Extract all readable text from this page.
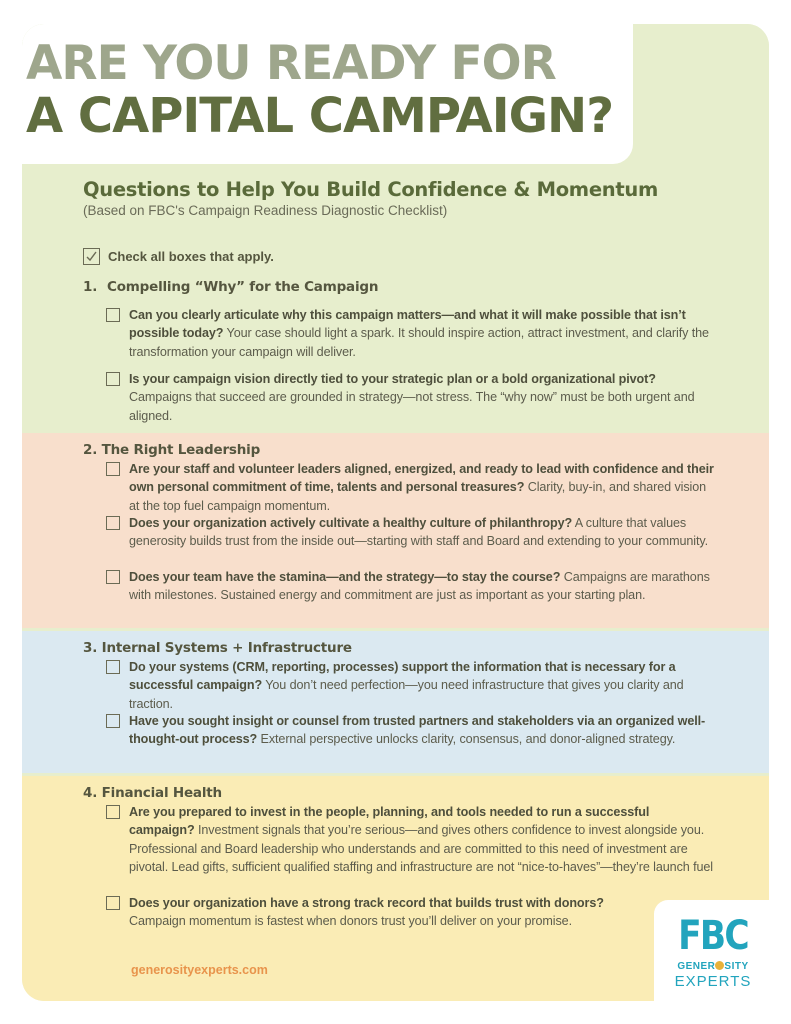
ARE YOU READY FOR
A CAPITAL CAMPAIGN?
Questions to Help You Build Confidence & Momentum
(Based on FBC's Campaign Readiness Diagnostic Checklist)
Check all boxes that apply.
1. Compelling “Why” for the Campaign
Can you clearly articulate why this campaign matters—and what it will make possible that isn’t possible today? Your case should light a spark. It should inspire action, attract investment, and clarify the transformation your campaign will deliver.
Is your campaign vision directly tied to your strategic plan or a bold organizational pivot? Campaigns that succeed are grounded in strategy—not stress. The “why now” must be both urgent and aligned.
2. The Right Leadership
Are your staff and volunteer leaders aligned, energized, and ready to lead with confidence and their own personal commitment of time, talents and personal treasures? Clarity, buy-in, and shared vision at the top fuel campaign momentum.
Does your organization actively cultivate a healthy culture of philanthropy? A culture that values generosity builds trust from the inside out—starting with staff and Board and extending to your community.
Does your team have the stamina—and the strategy—to stay the course? Campaigns are marathons with milestones. Sustained energy and commitment are just as important as your starting plan.
3. Internal Systems + Infrastructure
Do your systems (CRM, reporting, processes) support the information that is necessary for a successful campaign? You don’t need perfection—you need infrastructure that gives you clarity and traction.
Have you sought insight or counsel from trusted partners and stakeholders via an organized well-thought-out process? External perspective unlocks clarity, consensus, and donor-aligned strategy.
4. Financial Health
Are you prepared to invest in the people, planning, and tools needed to run a successful campaign? Investment signals that you’re serious—and gives others confidence to invest alongside you. Professional and Board leadership who understands and are committed to this need of investment are pivotal. Lead gifts, sufficient qualified staffing and infrastructure are not “nice-to-haves”—they’re launch fuel
Does your organization have a strong track record that builds trust with donors? Campaign momentum is fastest when donors trust you’ll deliver on your promise.
generosityexperts.com
FBC
GENER SITY
EXPERTS
